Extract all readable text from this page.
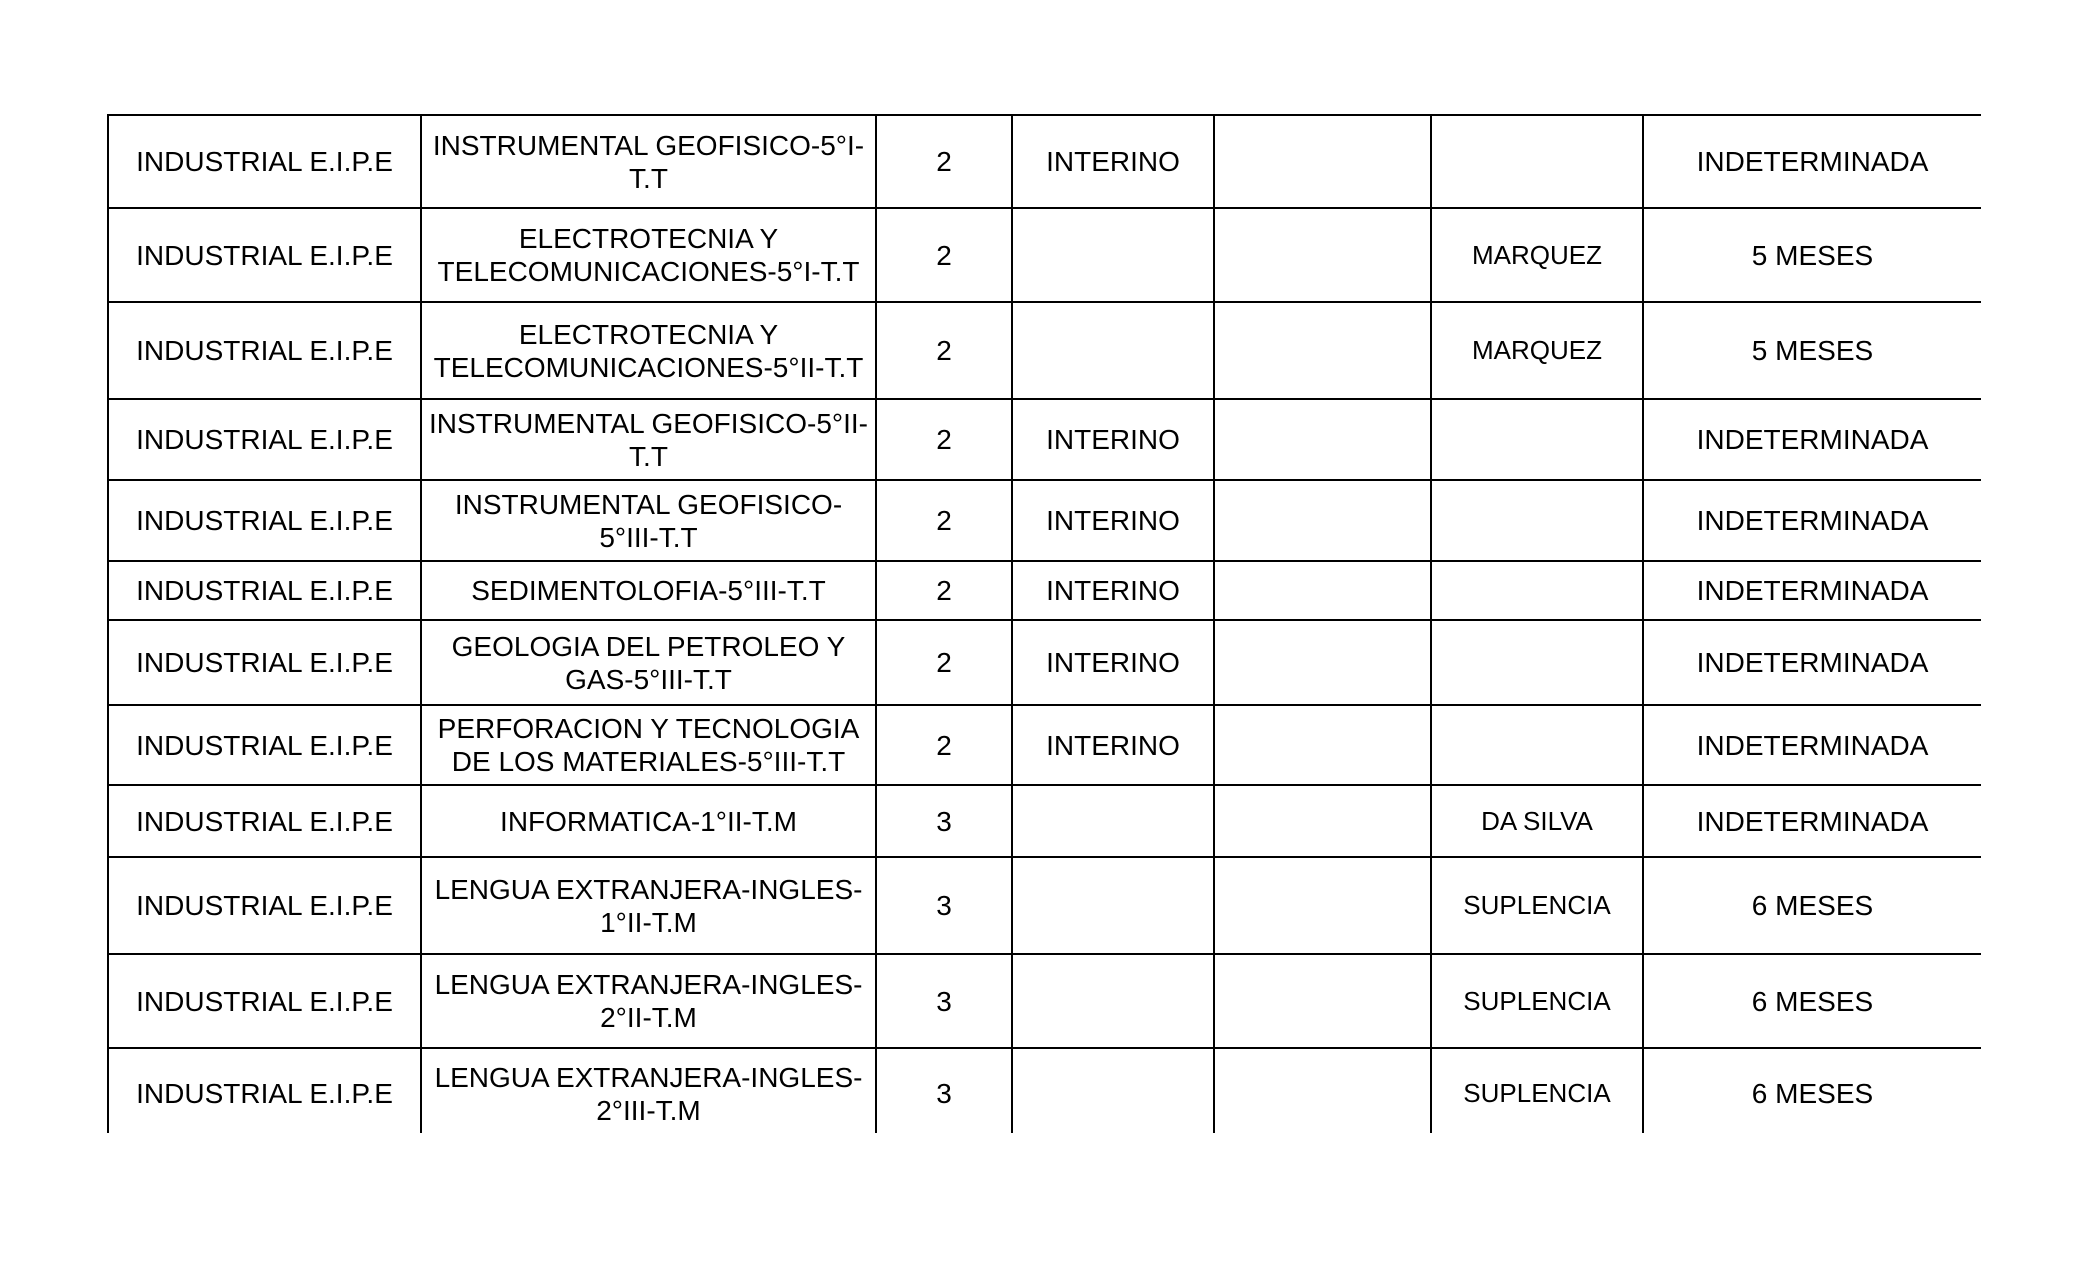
INDUSTRIAL E.I.P.E	INSTRUMENTAL GEOFISICO-5°I-T.T	2	INTERINO			INDETERMINADA
INDUSTRIAL E.I.P.E	ELECTROTECNIA Y TELECOMUNICACIONES-5°I-T.T	2			MARQUEZ	5 MESES
INDUSTRIAL E.I.P.E	ELECTROTECNIA Y TELECOMUNICACIONES-5°II-T.T	2			MARQUEZ	5 MESES
INDUSTRIAL E.I.P.E	INSTRUMENTAL GEOFISICO-5°II-T.T	2	INTERINO			INDETERMINADA
INDUSTRIAL E.I.P.E	INSTRUMENTAL GEOFISICO-5°III-T.T	2	INTERINO			INDETERMINADA
INDUSTRIAL E.I.P.E	SEDIMENTOLOFIA-5°III-T.T	2	INTERINO			INDETERMINADA
INDUSTRIAL E.I.P.E	GEOLOGIA DEL PETROLEO Y GAS-5°III-T.T	2	INTERINO			INDETERMINADA
INDUSTRIAL E.I.P.E	PERFORACION Y TECNOLOGIA DE LOS MATERIALES-5°III-T.T	2	INTERINO			INDETERMINADA
INDUSTRIAL E.I.P.E	INFORMATICA-1°II-T.M	3			DA SILVA	INDETERMINADA
INDUSTRIAL E.I.P.E	LENGUA EXTRANJERA-INGLES-1°II-T.M	3			SUPLENCIA	6 MESES
INDUSTRIAL E.I.P.E	LENGUA EXTRANJERA-INGLES-2°II-T.M	3			SUPLENCIA	6 MESES
INDUSTRIAL E.I.P.E	LENGUA EXTRANJERA-INGLES-2°III-T.M	3			SUPLENCIA	6 MESES
